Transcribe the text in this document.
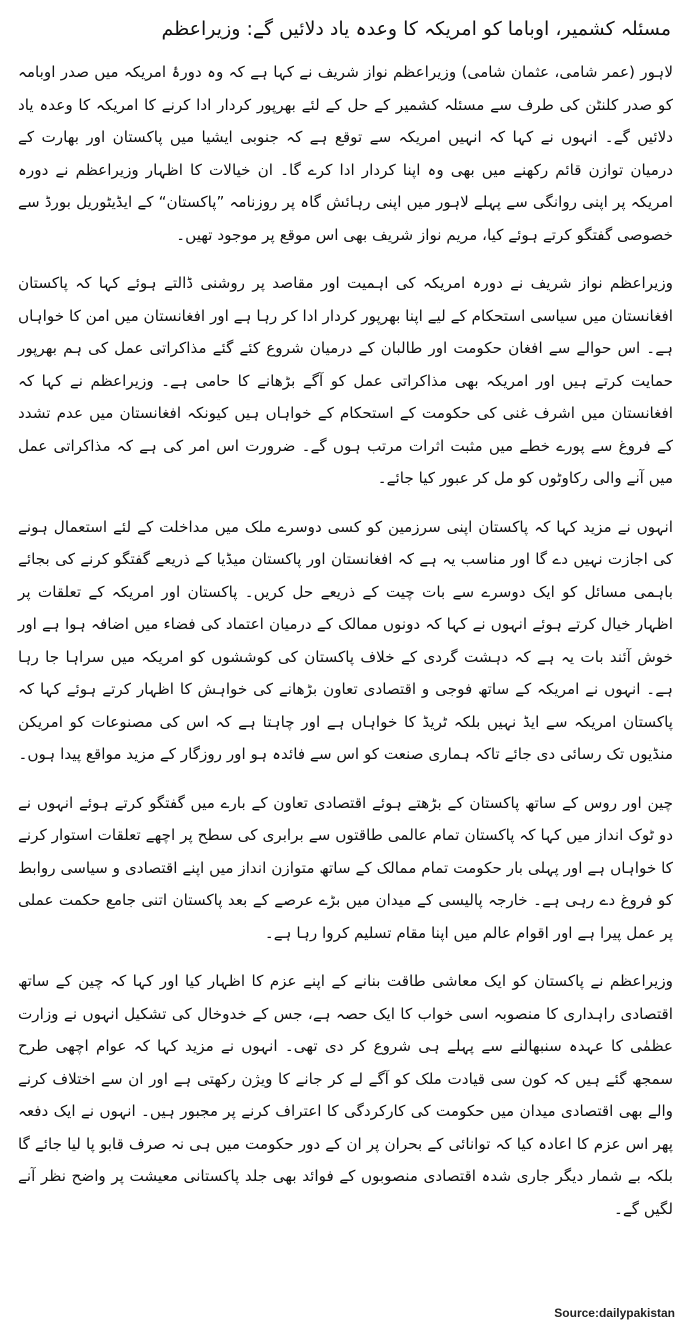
مسئلہ کشمیر، اوباما کو امریکہ کا وعدہ یاد دلائیں گے: وزیراعظم

لاہور (عمر شامی، عثمان شامی) وزیراعظم نواز شریف نے کہا ہے کہ وہ دورۂ امریکہ میں صدر اوبامہ کو صدر کلنٹن کی طرف سے مسئلہ کشمیر کے حل کے لئے بھرپور کردار ادا کرنے کا امریکہ کا وعدہ یاد دلائیں گے۔ انہوں نے کہا کہ انہیں امریکہ سے توقع ہے کہ جنوبی ایشیا میں پاکستان اور بھارت کے درمیان توازن قائم رکھنے میں بھی وہ اپنا کردار ادا کرے گا۔ ان خیالات کا اظہار وزیراعظم نے دورہ امریکہ پر اپنی روانگی سے پہلے لاہور میں اپنی رہائش گاہ پر روزنامہ ”پاکستان“ کے ایڈیٹوریل بورڈ سے خصوصی گفتگو کرتے ہوئے کیا، مریم نواز شریف بھی اس موقع پر موجود تھیں۔

وزیراعظم نواز شریف نے دورہ امریکہ کی اہمیت اور مقاصد پر روشنی ڈالتے ہوئے کہا کہ پاکستان افغانستان میں سیاسی استحکام کے لیے اپنا بھرپور کردار ادا کر رہا ہے اور افغانستان میں امن کا خواہاں ہے۔ اس حوالے سے افغان حکومت اور طالبان کے درمیان شروع کئے گئے مذاکراتی عمل کی ہم بھرپور حمایت کرتے ہیں اور امریکہ بھی مذاکراتی عمل کو آگے بڑھانے کا حامی ہے۔ وزیراعظم نے کہا کہ افغانستان میں اشرف غنی کی حکومت کے استحکام کے خواہاں ہیں کیونکہ افغانستان میں عدم تشدد کے فروغ سے پورے خطے میں مثبت اثرات مرتب ہوں گے۔ ضرورت اس امر کی ہے کہ مذاکراتی عمل میں آنے والی رکاوٹوں کو مل کر عبور کیا جائے۔

انہوں نے مزید کہا کہ پاکستان اپنی سرزمین کو کسی دوسرے ملک میں مداخلت کے لئے استعمال ہونے کی اجازت نہیں دے گا اور مناسب یہ ہے کہ افغانستان اور پاکستان میڈیا کے ذریعے گفتگو کرنے کی بجائے باہمی مسائل کو ایک دوسرے سے بات چیت کے ذریعے حل کریں۔ پاکستان اور امریکہ کے تعلقات پر اظہار خیال کرتے ہوئے انہوں نے کہا کہ دونوں ممالک کے درمیان اعتماد کی فضاء میں اضافہ ہوا ہے اور خوش آئند بات یہ ہے کہ دہشت گردی کے خلاف پاکستان کی کوششوں کو امریکہ میں سراہا جا رہا ہے۔ انہوں نے امریکہ کے ساتھ فوجی و اقتصادی تعاون بڑھانے کی خواہش کا اظہار کرتے ہوئے کہا کہ پاکستان امریکہ سے ایڈ نہیں بلکہ ٹریڈ کا خواہاں ہے اور چاہتا ہے کہ اس کی مصنوعات کو امریکن منڈیوں تک رسائی دی جائے تاکہ ہماری صنعت کو اس سے فائدہ ہو اور روزگار کے مزید مواقع پیدا ہوں۔

چین اور روس کے ساتھ پاکستان کے بڑھتے ہوئے اقتصادی تعاون کے بارے میں گفتگو کرتے ہوئے انہوں نے دو ٹوک انداز میں کہا کہ پاکستان تمام عالمی طاقتوں سے برابری کی سطح پر اچھے تعلقات استوار کرنے کا خواہاں ہے اور پہلی بار حکومت تمام ممالک کے ساتھ متوازن انداز میں اپنے اقتصادی و سیاسی روابط کو فروغ دے رہی ہے۔ خارجہ پالیسی کے میدان میں بڑے عرصے کے بعد پاکستان اتنی جامع حکمت عملی پر عمل پیرا ہے اور اقوام عالم میں اپنا مقام تسلیم کروا رہا ہے۔

وزیراعظم نے پاکستان کو ایک معاشی طاقت بنانے کے اپنے عزم کا اظہار کیا اور کہا کہ چین کے ساتھ اقتصادی راہداری کا منصوبہ اسی خواب کا ایک حصہ ہے، جس کے خدوخال کی تشکیل انہوں نے وزارت عظمٰی کا عہدہ سنبھالنے سے پہلے ہی شروع کر دی تھی۔ انہوں نے مزید کہا کہ عوام اچھی طرح سمجھ گئے ہیں کہ کون سی قیادت ملک کو آگے لے کر جانے کا ویژن رکھتی ہے اور ان سے اختلاف کرنے والے بھی اقتصادی میدان میں حکومت کی کارکردگی کا اعتراف کرنے پر مجبور ہیں۔ انہوں نے ایک دفعہ پھر اس عزم کا اعادہ کیا کہ توانائی کے بحران پر ان کے دور حکومت میں ہی نہ صرف قابو پا لیا جائے گا بلکہ بے شمار دیگر جاری شدہ اقتصادی منصوبوں کے فوائد بھی جلد پاکستانی معیشت پر واضح نظر آنے لگیں گے۔

Source:dailypakistan
